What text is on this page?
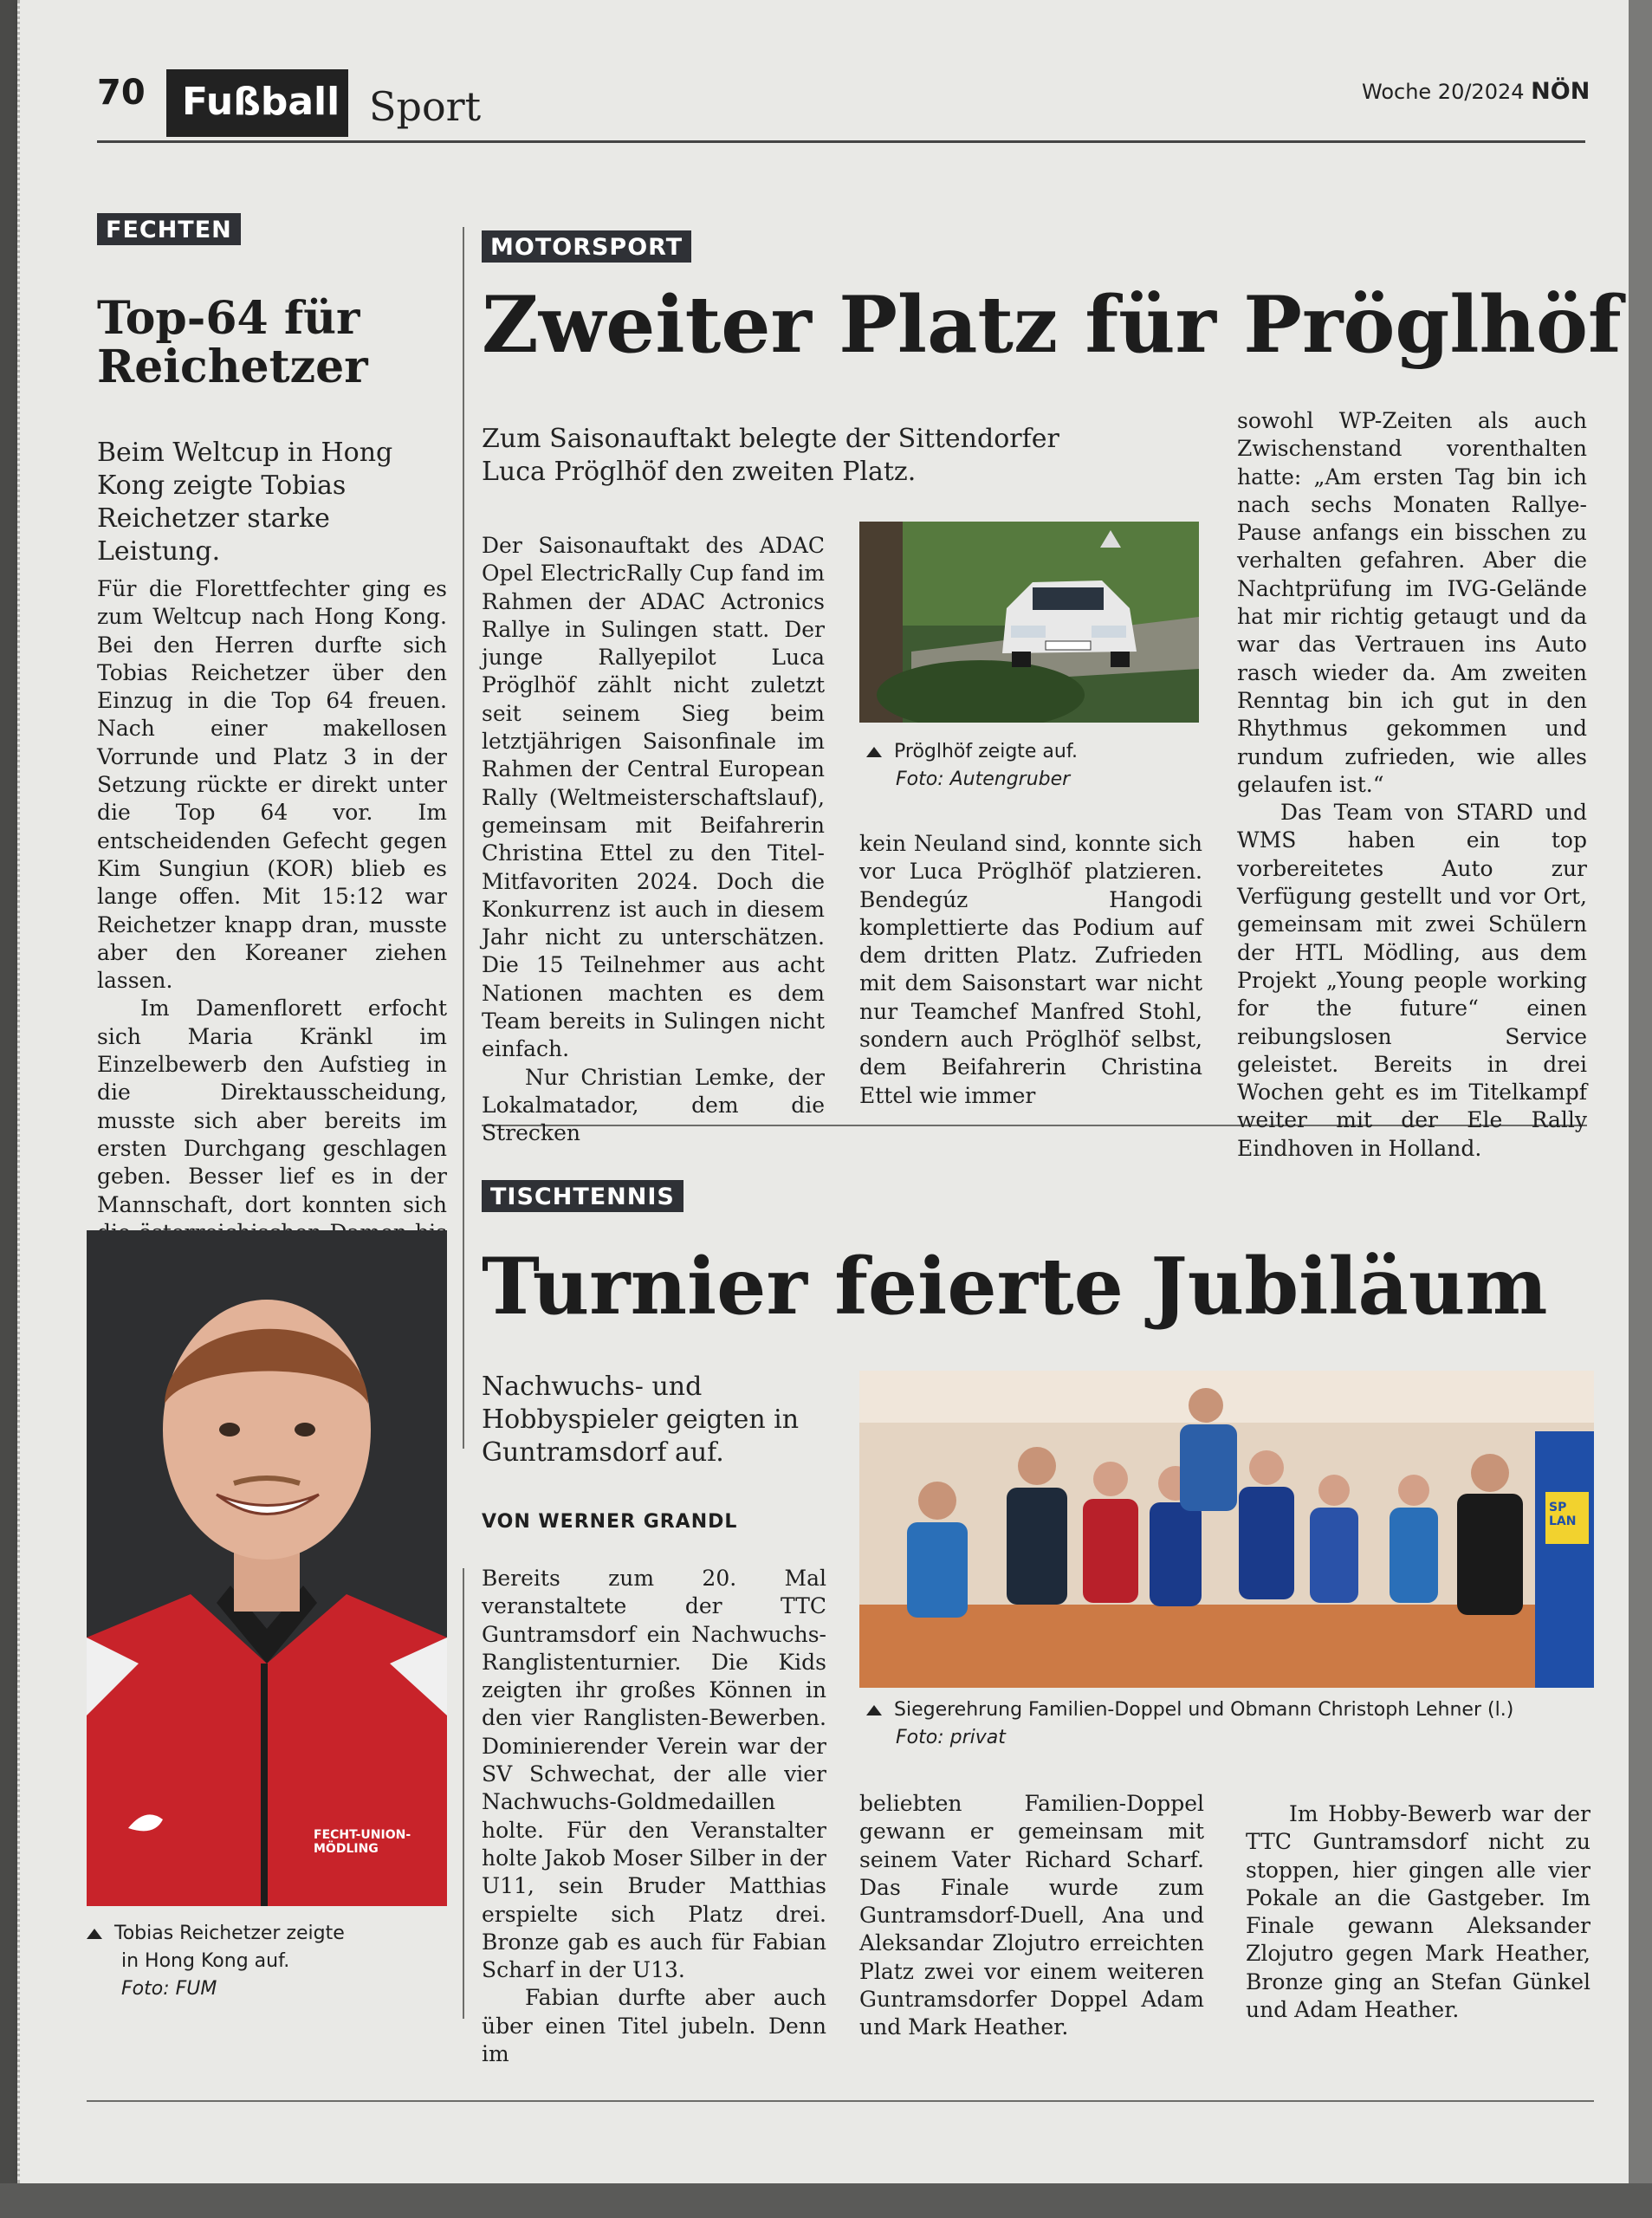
70 Fußball Sport	Woche 20/2024 NÖN
FECHTEN
Top-64 für
Reichetzer
Beim Weltcup in Hong Kong zeigte Tobias Reichetzer starke Leistung.

Für die Florettfechter ging es zum Weltcup nach Hong Kong. Bei den Herren durfte sich Tobias Reichetzer über den Einzug in die Top 64 freuen. Nach einer makellosen Vorrunde und Platz 3 in der Setzung rückte er direkt unter die Top 64 vor. Im entscheidenden Gefecht gegen Kim Sungiun (KOR) blieb es lange offen. Mit 15:12 war Reichetzer knapp dran, musste aber den Koreaner ziehen lassen.

Im Damenflorett erfocht sich Maria Kränkl im Einzelbewerb den Aufstieg in die Direktausscheidung, musste sich aber bereits im ersten Durchgang geschlagen geben. Besser lief es in der Mannschaft, dort konnten sich

FECHT-UNION-MÖDLING
Tobias Reichetzer zeigte
in Hong Kong auf.
Foto: FUM
MOTORSPORT
Zweiter Platz für Pröglhöf
Zum Saisonauftakt belegte der Sittendorfer Luca Pröglhöf den zweiten Platz.

Der Saisonauftakt des ADAC Opel ElectricRally Cup fand im Rahmen der ADAC Actronics Rallye in Sulingen statt. Der junge Rallyepilot Luca Pröglhöf zählt nicht zuletzt seit seinem Sieg beim letztjährigen Saisonfinale im Rahmen der Central European Rally (Weltmeisterschaftslauf), gemeinsam mit Beifahrerin Christina Ettel zu den Titel-Mitfavoriten 2024. Doch die Konkurrenz ist auch in diesem Jahr nicht zu unterschätzen. Die 15 Teilnehmer aus acht Nationen machten es dem Team bereits in Sulingen nicht einfach.

Nur Christian Lemke, der Lokalmatador, dem die Strecken

Pröglhöf zeigte auf.
Foto: Autengruber

kein Neuland sind, konnte sich vor Luca Pröglhöf platzieren. Bendegúz Hangodi komplettierte das Podium auf dem dritten Platz. Zufrieden mit dem Saisonstart war nicht nur Teamchef Manfred Stohl, sondern auch Pröglhöf selbst, dem Beifahrerin Christina Ettel wie immer

sowohl WP-Zeiten als auch Zwischenstand vorenthalten hatte: „Am ersten Tag bin ich nach sechs Monaten Rallye-Pause anfangs ein bisschen zu verhalten gefahren. Aber die Nachtprüfung im IVG-Gelände hat mir richtig getaugt und da war das Vertrauen ins Auto rasch wieder da. Am zweiten Renntag bin ich gut in den Rhythmus gekommen und rundum zufrieden, wie alles gelaufen ist.“

Das Team von STARD und WMS haben ein top vorbereitetes Auto zur Verfügung gestellt und vor Ort, gemeinsam mit zwei Schülern der HTL Mödling, aus dem Projekt „Young people working for the future“ einen reibungslosen Service geleistet. Bereits in drei Wochen geht es im Titelkampf weiter mit der Ele Rally Eindhoven in Holland.

TISCHTENNIS
Turnier feierte Jubiläum
Nachwuchs- und Hobbyspieler geigten in Guntramsdorf auf.
VON WERNER GRANDL

Bereits zum 20. Mal veranstaltete der TTC Guntramsdorf ein Nachwuchs-Ranglistenturnier. Die Kids zeigten ihr großes Können in den vier Ranglisten-Bewerben. Dominierender Verein war der SV Schwechat, der alle vier Nachwuchs-Goldmedaillen holte. Für den Veranstalter holte Jakob Moser Silber in der U11, sein Bruder Matthias erspielte sich Platz drei. Bronze gab es auch für Fabian Scharf in der U13.

Fabian durfte aber auch über einen Titel jubeln. Denn im

SP LAN
Siegerehrung Familien-Doppel und Obmann Christoph Lehner (l.)
Foto: privat

beliebten Familien-Doppel gewann er gemeinsam mit seinem Vater Richard Scharf. Das Finale wurde zum Guntramsdorf-Duell, Ana und Aleksandar Zlojutro erreichten Platz zwei vor einem weiteren Guntramsdorfer Doppel Adam und Mark Heather.

Im Hobby-Bewerb war der TTC Guntramsdorf nicht zu stoppen, hier gingen alle vier Pokale an die Gastgeber. Im Finale gewann Aleksander Zlojutro gegen Mark Heather, Bronze ging an Stefan Günkel und Adam Heather.
